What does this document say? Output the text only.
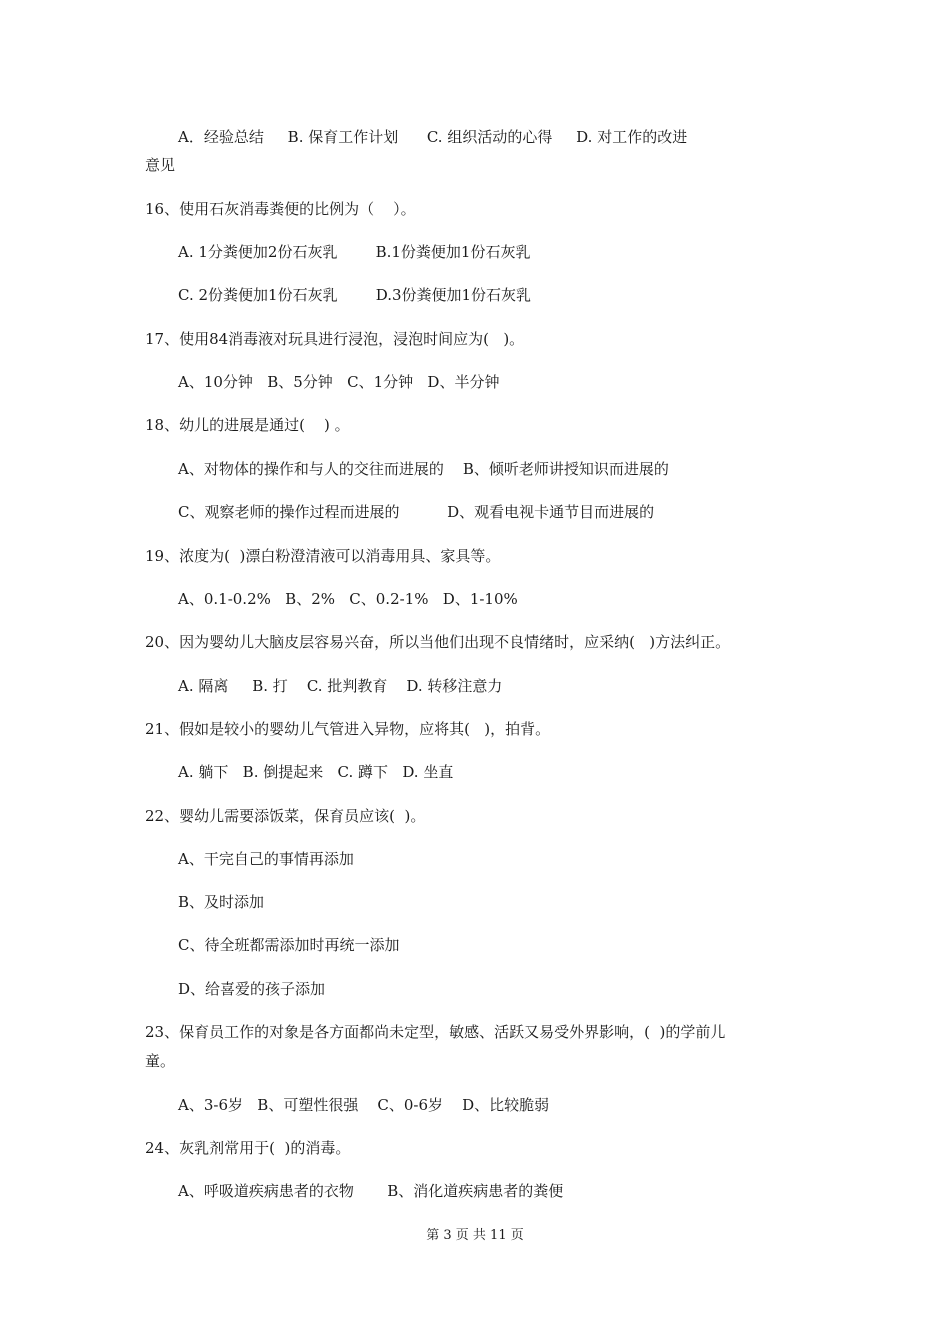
A．经验总结     B. 保育工作计划      C. 组织活动的心得     D. 对工作的改进
意见
16、使用石灰消毒粪便的比例为（    ）。
A. 1分粪便加2份石灰乳        B.1份粪便加1份石灰乳
C. 2份粪便加1份石灰乳        D.3份粪便加1份石灰乳
17、使用84消毒液对玩具进行浸泡，浸泡时间应为(   )。
A、10分钟   B、5分钟   C、1分钟   D、半分钟
18、幼儿的进展是通过(    ) 。
A、对物体的操作和与人的交往而进展的    B、倾听老师讲授知识而进展的
C、观察老师的操作过程而进展的          D、观看电视卡通节目而进展的
19、浓度为(  )漂白粉澄清液可以消毒用具、家具等。
A、0.1-0.2%   B、2%   C、0.2-1%   D、1-10%
20、因为婴幼儿大脑皮层容易兴奋，所以当他们出现不良情绪时，应采纳(   )方法纠正。
A. 隔离     B. 打    C. 批判教育    D. 转移注意力
21、假如是较小的婴幼儿气管进入异物，应将其(   )，拍背。
A. 躺下   B. 倒提起来   C. 蹲下   D. 坐直
22、婴幼儿需要添饭菜，保育员应该(  )。
A、干完自己的事情再添加
B、及时添加
C、待全班都需添加时再统一添加
D、给喜爱的孩子添加
23、保育员工作的对象是各方面都尚未定型，敏感、活跃又易受外界影响，(  )的学前儿
童。
A、3-6岁   B、可塑性很强    C、0-6岁    D、比较脆弱
24、灰乳剂常用于(  )的消毒。
A、呼吸道疾病患者的衣物       B、消化道疾病患者的粪便
第 3 页 共 11 页
